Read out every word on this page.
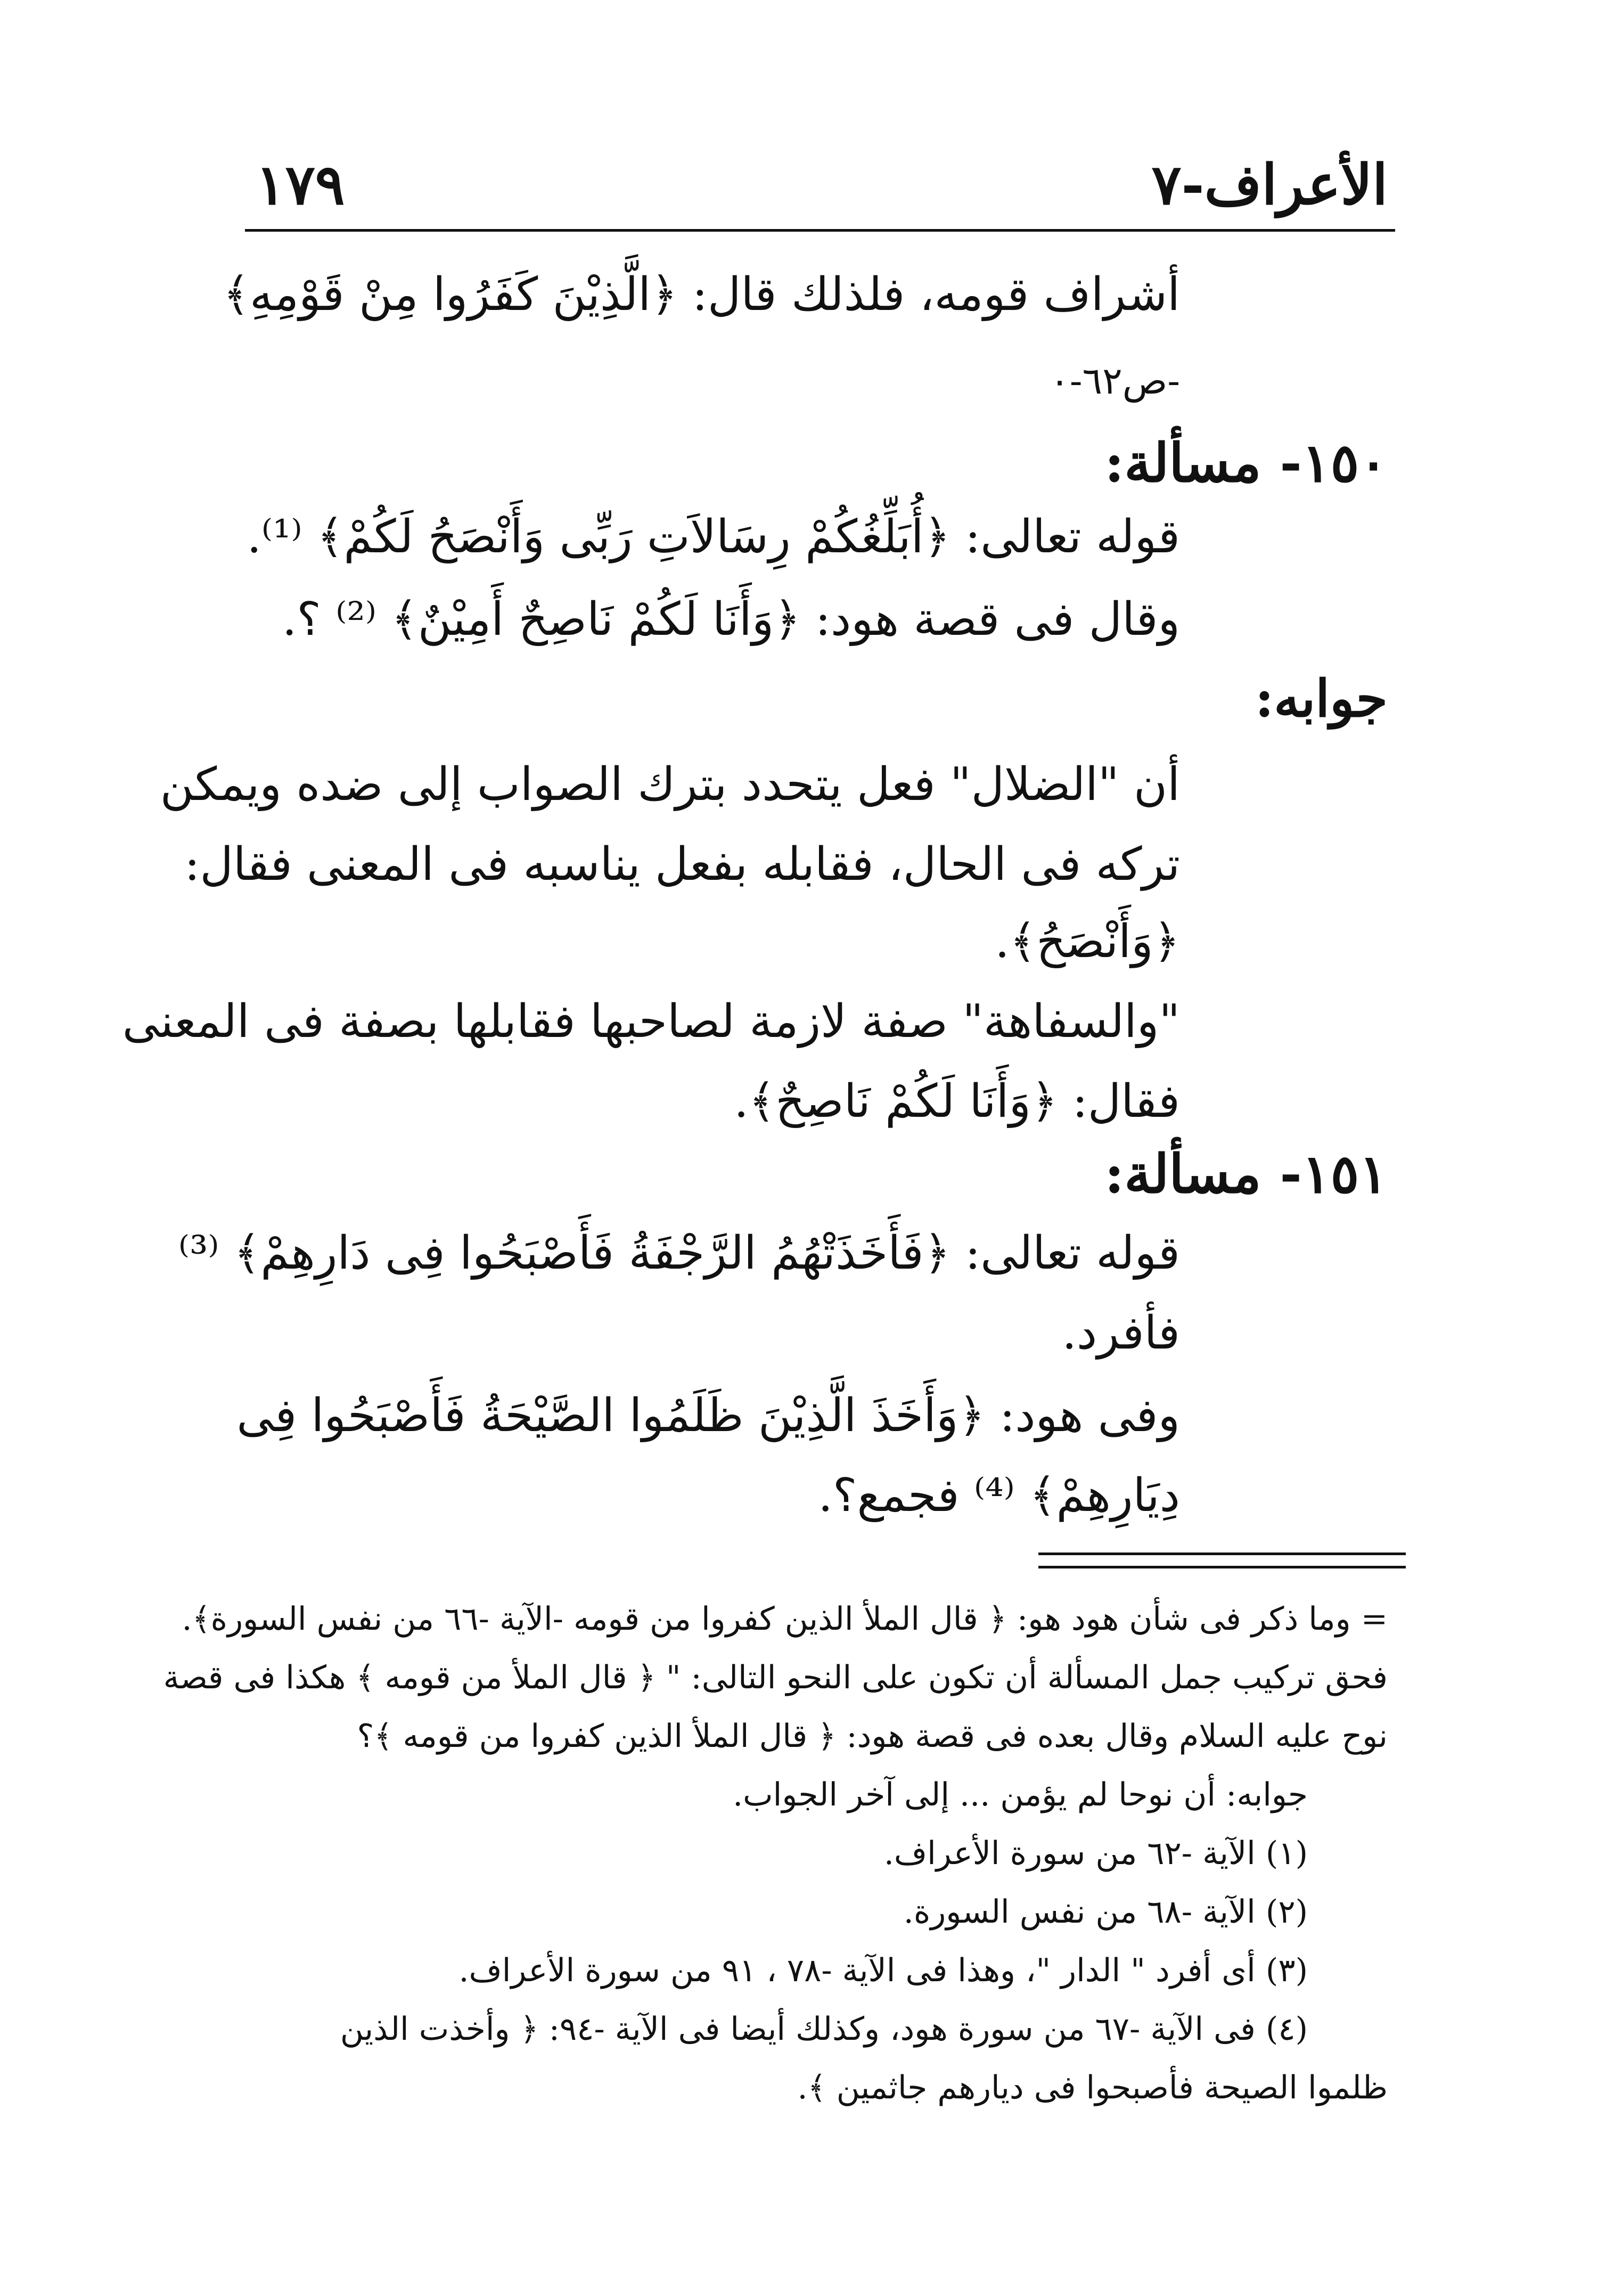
الأعراف-٧
١٧٩
أشراف قومه، فلذلك قال: ﴿الَّذِيْنَ كَفَرُوا مِنْ قَوْمِهِ﴾
-ص٦٢-٠
١٥٠- مسألة:
قوله تعالى: ﴿أُبَلِّغُكُمْ رِسَالاَتِ رَبِّى وَأَنْصَحُ لَكُمْ﴾ ⁽¹⁾.
وقال فى قصة هود: ﴿وَأَنَا لَكُمْ نَاصِحٌ أَمِيْنٌ﴾ ⁽²⁾ ؟.
جوابه:
أن "الضلال" فعل يتحدد بترك الصواب إلى ضده ويمكن
تركه فى الحال، فقابله بفعل يناسبه فى المعنى فقال:
﴿وَأَنْصَحُ﴾.
"والسفاهة" صفة لازمة لصاحبها فقابلها بصفة فى المعنى
فقال: ﴿وَأَنَا لَكُمْ نَاصِحٌ﴾.
١٥١- مسألة:
قوله تعالى: ﴿فَأَخَذَتْهُمُ الرَّجْفَةُ فَأَصْبَحُوا فِى دَارِهِمْ﴾ ⁽³⁾
فأفرد.
وفى هود: ﴿وَأَخَذَ الَّذِيْنَ ظَلَمُوا الصَّيْحَةُ فَأَصْبَحُوا فِى
دِيَارِهِمْ﴾ ⁽⁴⁾ فجمع؟.
= وما ذكر فى شأن هود هو: ﴿ قال الملأ الذين كفروا من قومه -الآية -٦٦ من نفس السورة﴾.
فحق تركيب جمل المسألة أن تكون على النحو التالى: " ﴿ قال الملأ من قومه ﴾ هكذا فى قصة
نوح عليه السلام وقال بعده فى قصة هود: ﴿ قال الملأ الذين كفروا من قومه ﴾؟
جوابه: أن نوحا لم يؤمن ... إلى آخر الجواب.
(١) الآية -٦٢ من سورة الأعراف.
(٢) الآية -٦٨ من نفس السورة.
(٣) أى أفرد " الدار "، وهذا فى الآية -٧٨ ، ٩١ من سورة الأعراف.
(٤) فى الآية -٦٧ من سورة هود، وكذلك أيضا فى الآية -٩٤: ﴿ وأخذت الذين
ظلموا الصيحة فأصبحوا فى ديارهم جاثمين ﴾.
